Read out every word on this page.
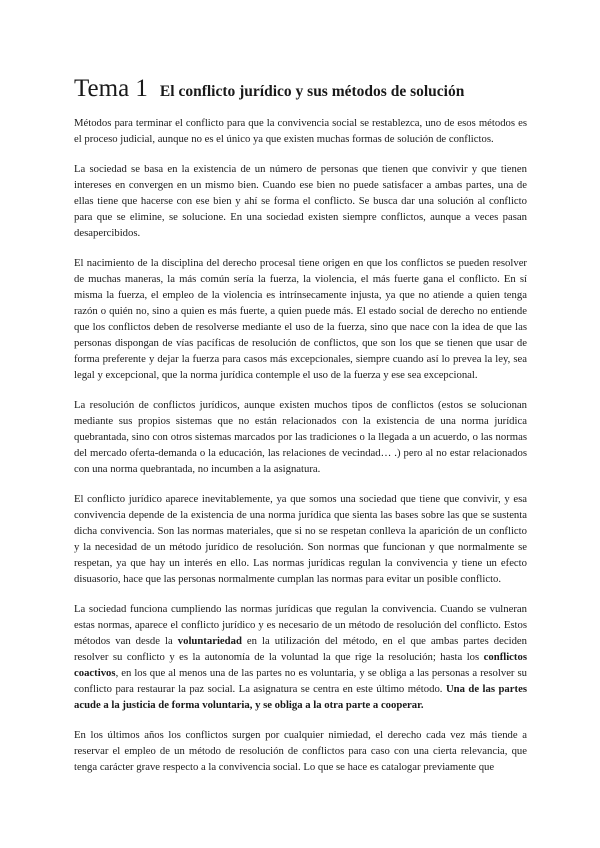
Tema 1 El conflicto jurídico y sus métodos de solución

Métodos para terminar el conflicto para que la convivencia social se restablezca, uno de esos métodos es el proceso judicial, aunque no es el único ya que existen muchas formas de solución de conflictos.

La sociedad se basa en la existencia de un número de personas que tienen que convivir y que tienen intereses en convergen en un mismo bien. Cuando ese bien no puede satisfacer a ambas partes, una de ellas tiene que hacerse con ese bien y ahí se forma el conflicto. Se busca dar una solución al conflicto para que se elimine, se solucione. En una sociedad existen siempre conflictos, aunque a veces pasan desapercibidos.

El nacimiento de la disciplina del derecho procesal tiene origen en que los conflictos se pueden resolver de muchas maneras, la más común sería la fuerza, la violencia, el más fuerte gana el conflicto. En sí misma la fuerza, el empleo de la violencia es intrínsecamente injusta, ya que no atiende a quien tenga razón o quién no, sino a quien es más fuerte, a quien puede más. El estado social de derecho no entiende que los conflictos deben de resolverse mediante el uso de la fuerza, sino que nace con la idea de que las personas dispongan de vías pacíficas de resolución de conflictos, que son los que se tienen que usar de forma preferente y dejar la fuerza para casos más excepcionales, siempre cuando así lo prevea la ley, sea legal y excepcional, que la norma jurídica contemple el uso de la fuerza y ese sea excepcional.

La resolución de conflictos jurídicos, aunque existen muchos tipos de conflictos (estos se solucionan mediante sus propios sistemas que no están relacionados con la existencia de una norma jurídica quebrantada, sino con otros sistemas marcados por las tradiciones o la llegada a un acuerdo, o las normas del mercado oferta-demanda o la educación, las relaciones de vecindad… .) pero al no estar relacionados con una norma quebrantada, no incumben a la asignatura.

El conflicto jurídico aparece inevitablemente, ya que somos una sociedad que tiene que convivir, y esa convivencia depende de la existencia de una norma jurídica que sienta las bases sobre las que se sustenta dicha convivencia. Son las normas materiales, que si no se respetan conlleva la aparición de un conflicto y la necesidad de un método jurídico de resolución. Son normas que funcionan y que normalmente se respetan, ya que hay un interés en ello. Las normas jurídicas regulan la convivencia y tiene un efecto disuasorio, hace que las personas normalmente cumplan las normas para evitar un posible conflicto.

La sociedad funciona cumpliendo las normas jurídicas que regulan la convivencia. Cuando se vulneran estas normas, aparece el conflicto jurídico y es necesario de un método de resolución del conflicto. Estos métodos van desde la voluntariedad en la utilización del método, en el que ambas partes deciden resolver su conflicto y es la autonomía de la voluntad la que rige la resolución; hasta los conflictos coactivos, en los que al menos una de las partes no es voluntaria, y se obliga a las personas a resolver su conflicto para restaurar la paz social. La asignatura se centra en este último método. Una de las partes acude a la justicia de forma voluntaria, y se obliga a la otra parte a cooperar.

En los últimos años los conflictos surgen por cualquier nimiedad, el derecho cada vez más tiende a reservar el empleo de un método de resolución de conflictos para caso con una cierta relevancia, que tenga carácter grave respecto a la convivencia social. Lo que se hace es catalogar previamente que
